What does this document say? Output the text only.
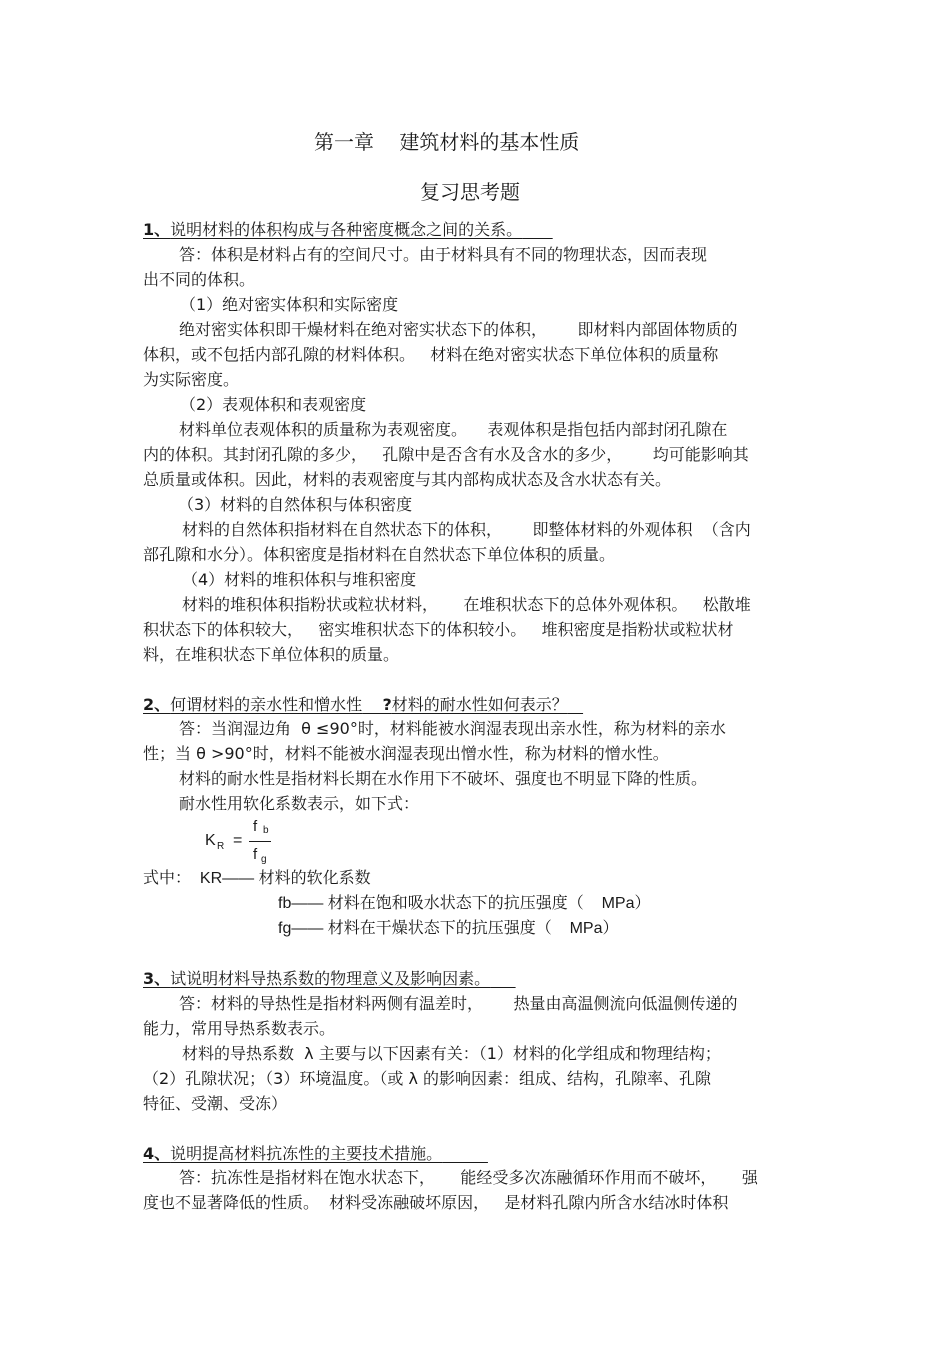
第一章    建筑材料的基本性质
复习思考题
1、说明材料的体积构成与各种密度概念之间的关系。
答：体积是材料占有的空间尺寸。由于材料具有不同的物理状态，因而表现
出不同的体积。
（1）绝对密实体积和实际密度
绝对密实体积即干燥材料在绝对密实状态下的体积，      即材料内部固体物质的
体积，或不包括内部孔隙的材料体积。   材料在绝对密实状态下单位体积的质量称
为实际密度。
（2）表观体积和表观密度
材料单位表观体积的质量称为表观密度。    表观体积是指包括内部封闭孔隙在
内的体积。其封闭孔隙的多少，   孔隙中是否含有水及含水的多少，      均可能影响其
总质量或体积。因此，材料的表观密度与其内部构成状态及含水状态有关。
（3）材料的自然体积与体积密度
材料的自然体积指材料在自然状态下的体积，      即整体材料的外观体积  （含内
部孔隙和水分）。体积密度是指材料在自然状态下单位体积的质量。
（4）材料的堆积体积与堆积密度
材料的堆积体积指粉状或粒状材料，     在堆积状态下的总体外观体积。   松散堆
积状态下的体积较大，   密实堆积状态下的体积较小。   堆积密度是指粉状或粒状材
料，在堆积状态下单位体积的质量。
2、何谓材料的亲水性和憎水性 ?材料的耐水性如何表示？
答：当润湿边角  θ ≤90°时，材料能被水润湿表现出亲水性，称为材料的亲水
性；当 θ >90°时，材料不能被水润湿表现出憎水性，称为材料的憎水性。
材料的耐水性是指材料长期在水作用下不破坏、强度也不明显下降的性质。
耐水性用软化系数表示，如下式：
K R =
f b
f g
式中：  KR—— 材料的软化系数
fb—— 材料在饱和吸水状态下的抗压强度（    MPa）
fg—— 材料在干燥状态下的抗压强度（    MPa）
3、试说明材料导热系数的物理意义及影响因素。
答：材料的导热性是指材料两侧有温差时，      热量由高温侧流向低温侧传递的
能力，常用导热系数表示。
材料的导热系数  λ 主要与以下因素有关：（1）材料的化学组成和物理结构；
（2）孔隙状况；（3）环境温度。（或 λ 的影响因素：组成、结构，孔隙率、孔隙
特征、受潮、受冻）
4、说明提高材料抗冻性的主要技术措施。
答：抗冻性是指材料在饱水状态下，     能经受多次冻融循环作用而不破坏，     强
度也不显著降低的性质。  材料受冻融破坏原因，   是材料孔隙内所含水结冰时体积
